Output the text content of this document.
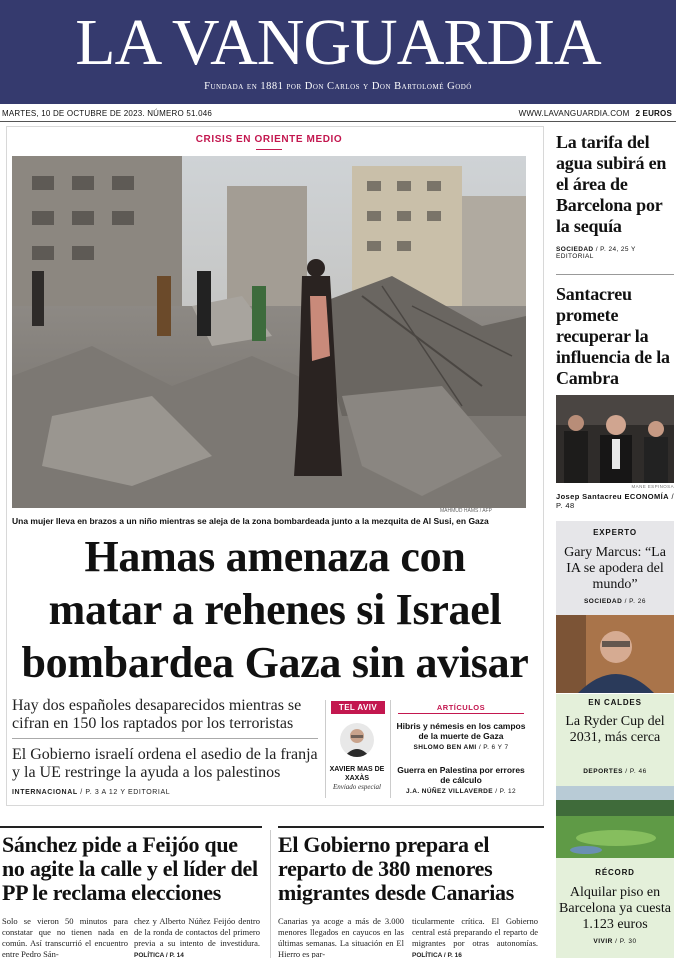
LA VANGUARDIA
Fundada en 1881 por Don Carlos y Don Bartolomé Godó
MARTES, 10 DE OCTUBRE DE 2023. NÚMERO 51.046	WWW.LAVANGUARDIA.COM 2 EUROS
CRISIS EN ORIENTE MEDIO
MAHMUD HAMS / AFP
Una mujer lleva en brazos a un niño mientras se aleja de la zona bombardeada junto a la mezquita de Al Susi, en Gaza
Hamas amenaza con
matar a rehenes si Israel
bombardea Gaza sin avisar
Hay dos españoles desaparecidos mientras se cifran en 150 los raptados por los terroristas
El Gobierno israelí ordena el asedio de la franja y la UE restringe la ayuda a los palestinos
INTERNACIONAL / P. 3 A 12 Y EDITORIAL
TEL AVIV
XAVIER MAS DE XAXÀS
Enviado especial
ARTÍCULOS
Hibris y némesis en los campos de la muerte de Gaza
SHLOMO BEN AMI / P. 6 Y 7
Guerra en Palestina por errores de cálculo
J.A. NÚÑEZ VILLAVERDE / P. 12
La tarifa del agua subirá en el área de Barcelona por la sequía
SOCIEDAD / P. 24, 25 Y EDITORIAL
Santacreu promete recuperar la influencia de la Cambra
MANE ESPINOSA
Josep Santacreu ECONOMÍA / P. 48
EXPERTO
Gary Marcus: “La IA se apodera del mundo”
SOCIEDAD / P. 26
EN CALDES
La Ryder Cup del 2031, más cerca
DEPORTES / P. 46
RÉCORD
Alquilar piso en Barcelona ya cuesta 1.123 euros
VIVIR / P. 30
Sánchez pide a Feijóo que no agite la calle y el líder del PP le reclama elecciones
Solo se vieron 50 minutos para constatar que no tienen nada en común. Así transcurrió el encuentro entre Pedro Sán-
chez y Alberto Núñez Feijóo dentro de la ronda de contactos del primero previa a su intento de investidura. POLÍTICA / P. 14
El Gobierno prepara el reparto de 380 menores migrantes desde Canarias
Canarias ya acoge a más de 3.000 menores llegados en cayucos en las últimas semanas. La situación en El Hierro es par-
ticularmente crítica. El Gobierno central está preparando el reparto de migrantes por otras autonomías. POLÍTICA / P. 16
